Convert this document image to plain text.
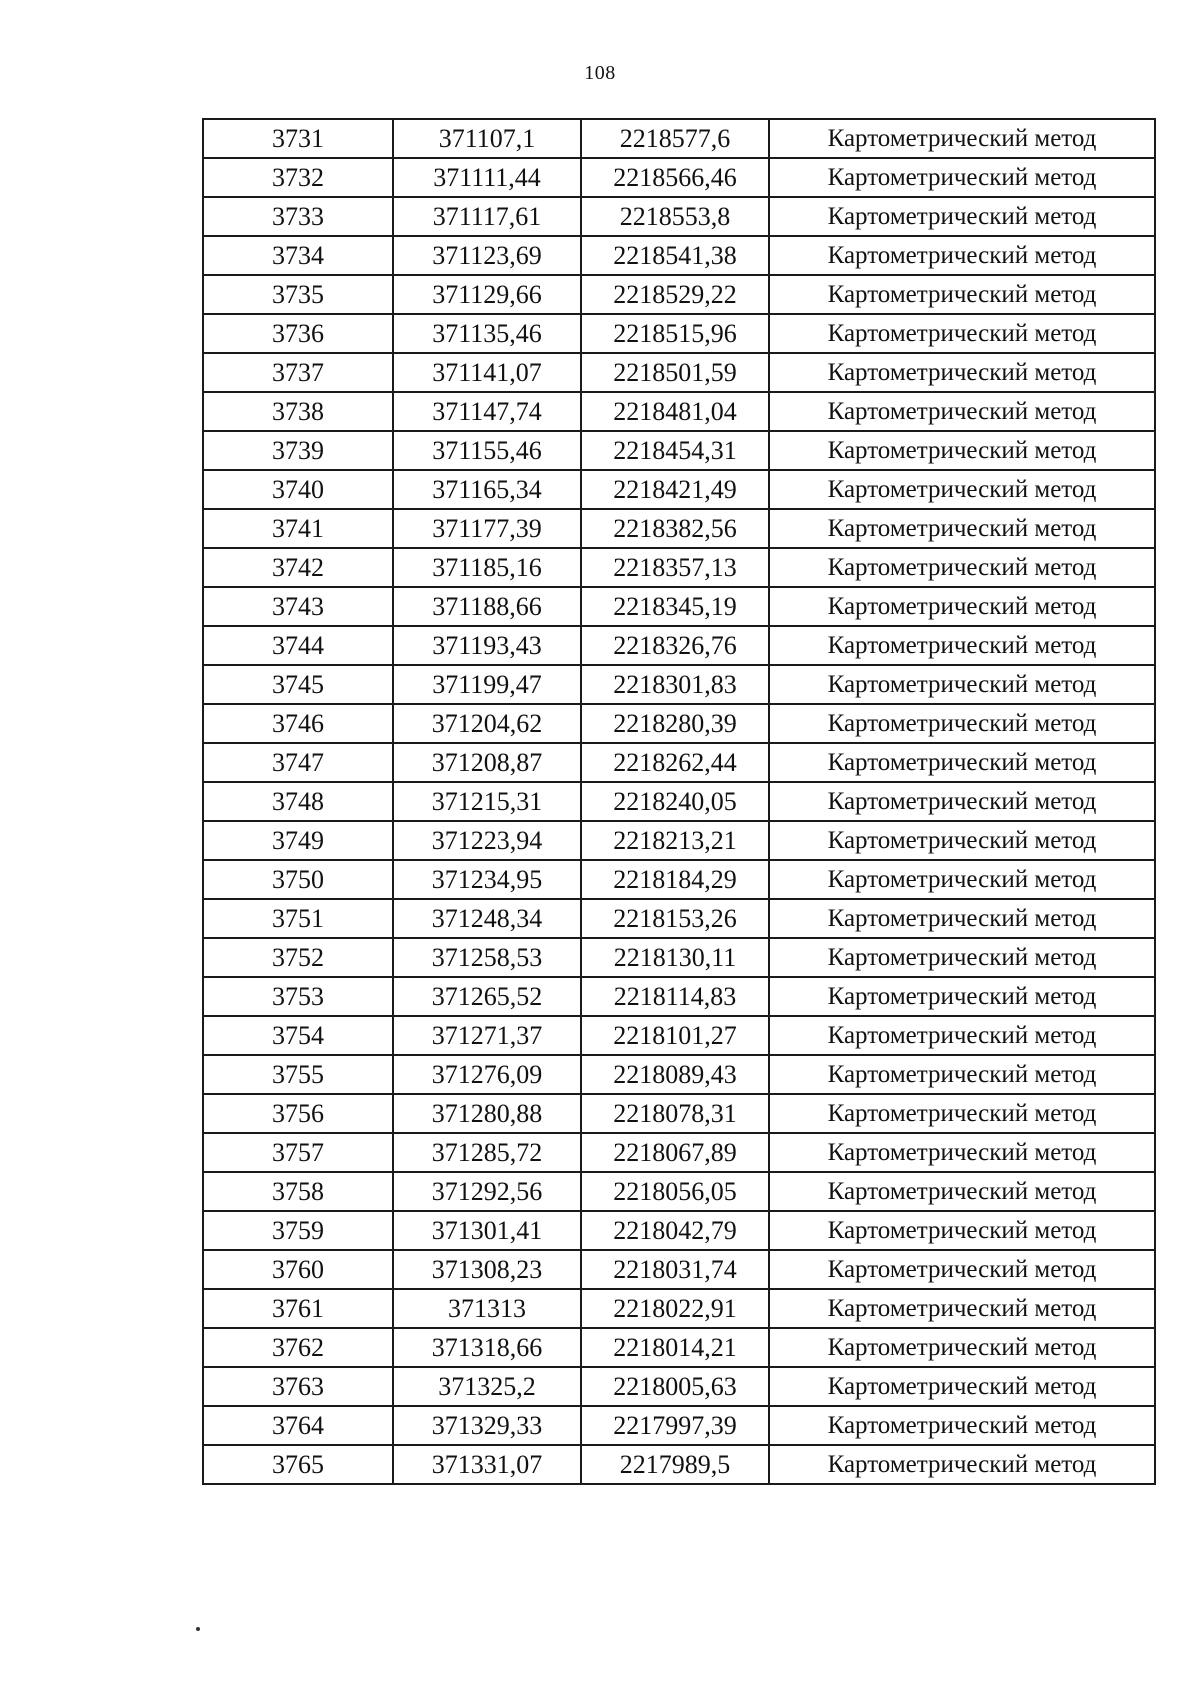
108
3731	371107,1	2218577,6	Картометрический метод
3732	371111,44	2218566,46	Картометрический метод
3733	371117,61	2218553,8	Картометрический метод
3734	371123,69	2218541,38	Картометрический метод
3735	371129,66	2218529,22	Картометрический метод
3736	371135,46	2218515,96	Картометрический метод
3737	371141,07	2218501,59	Картометрический метод
3738	371147,74	2218481,04	Картометрический метод
3739	371155,46	2218454,31	Картометрический метод
3740	371165,34	2218421,49	Картометрический метод
3741	371177,39	2218382,56	Картометрический метод
3742	371185,16	2218357,13	Картометрический метод
3743	371188,66	2218345,19	Картометрический метод
3744	371193,43	2218326,76	Картометрический метод
3745	371199,47	2218301,83	Картометрический метод
3746	371204,62	2218280,39	Картометрический метод
3747	371208,87	2218262,44	Картометрический метод
3748	371215,31	2218240,05	Картометрический метод
3749	371223,94	2218213,21	Картометрический метод
3750	371234,95	2218184,29	Картометрический метод
3751	371248,34	2218153,26	Картометрический метод
3752	371258,53	2218130,11	Картометрический метод
3753	371265,52	2218114,83	Картометрический метод
3754	371271,37	2218101,27	Картометрический метод
3755	371276,09	2218089,43	Картометрический метод
3756	371280,88	2218078,31	Картометрический метод
3757	371285,72	2218067,89	Картометрический метод
3758	371292,56	2218056,05	Картометрический метод
3759	371301,41	2218042,79	Картометрический метод
3760	371308,23	2218031,74	Картометрический метод
3761	371313	2218022,91	Картометрический метод
3762	371318,66	2218014,21	Картометрический метод
3763	371325,2	2218005,63	Картометрический метод
3764	371329,33	2217997,39	Картометрический метод
3765	371331,07	2217989,5	Картометрический метод
